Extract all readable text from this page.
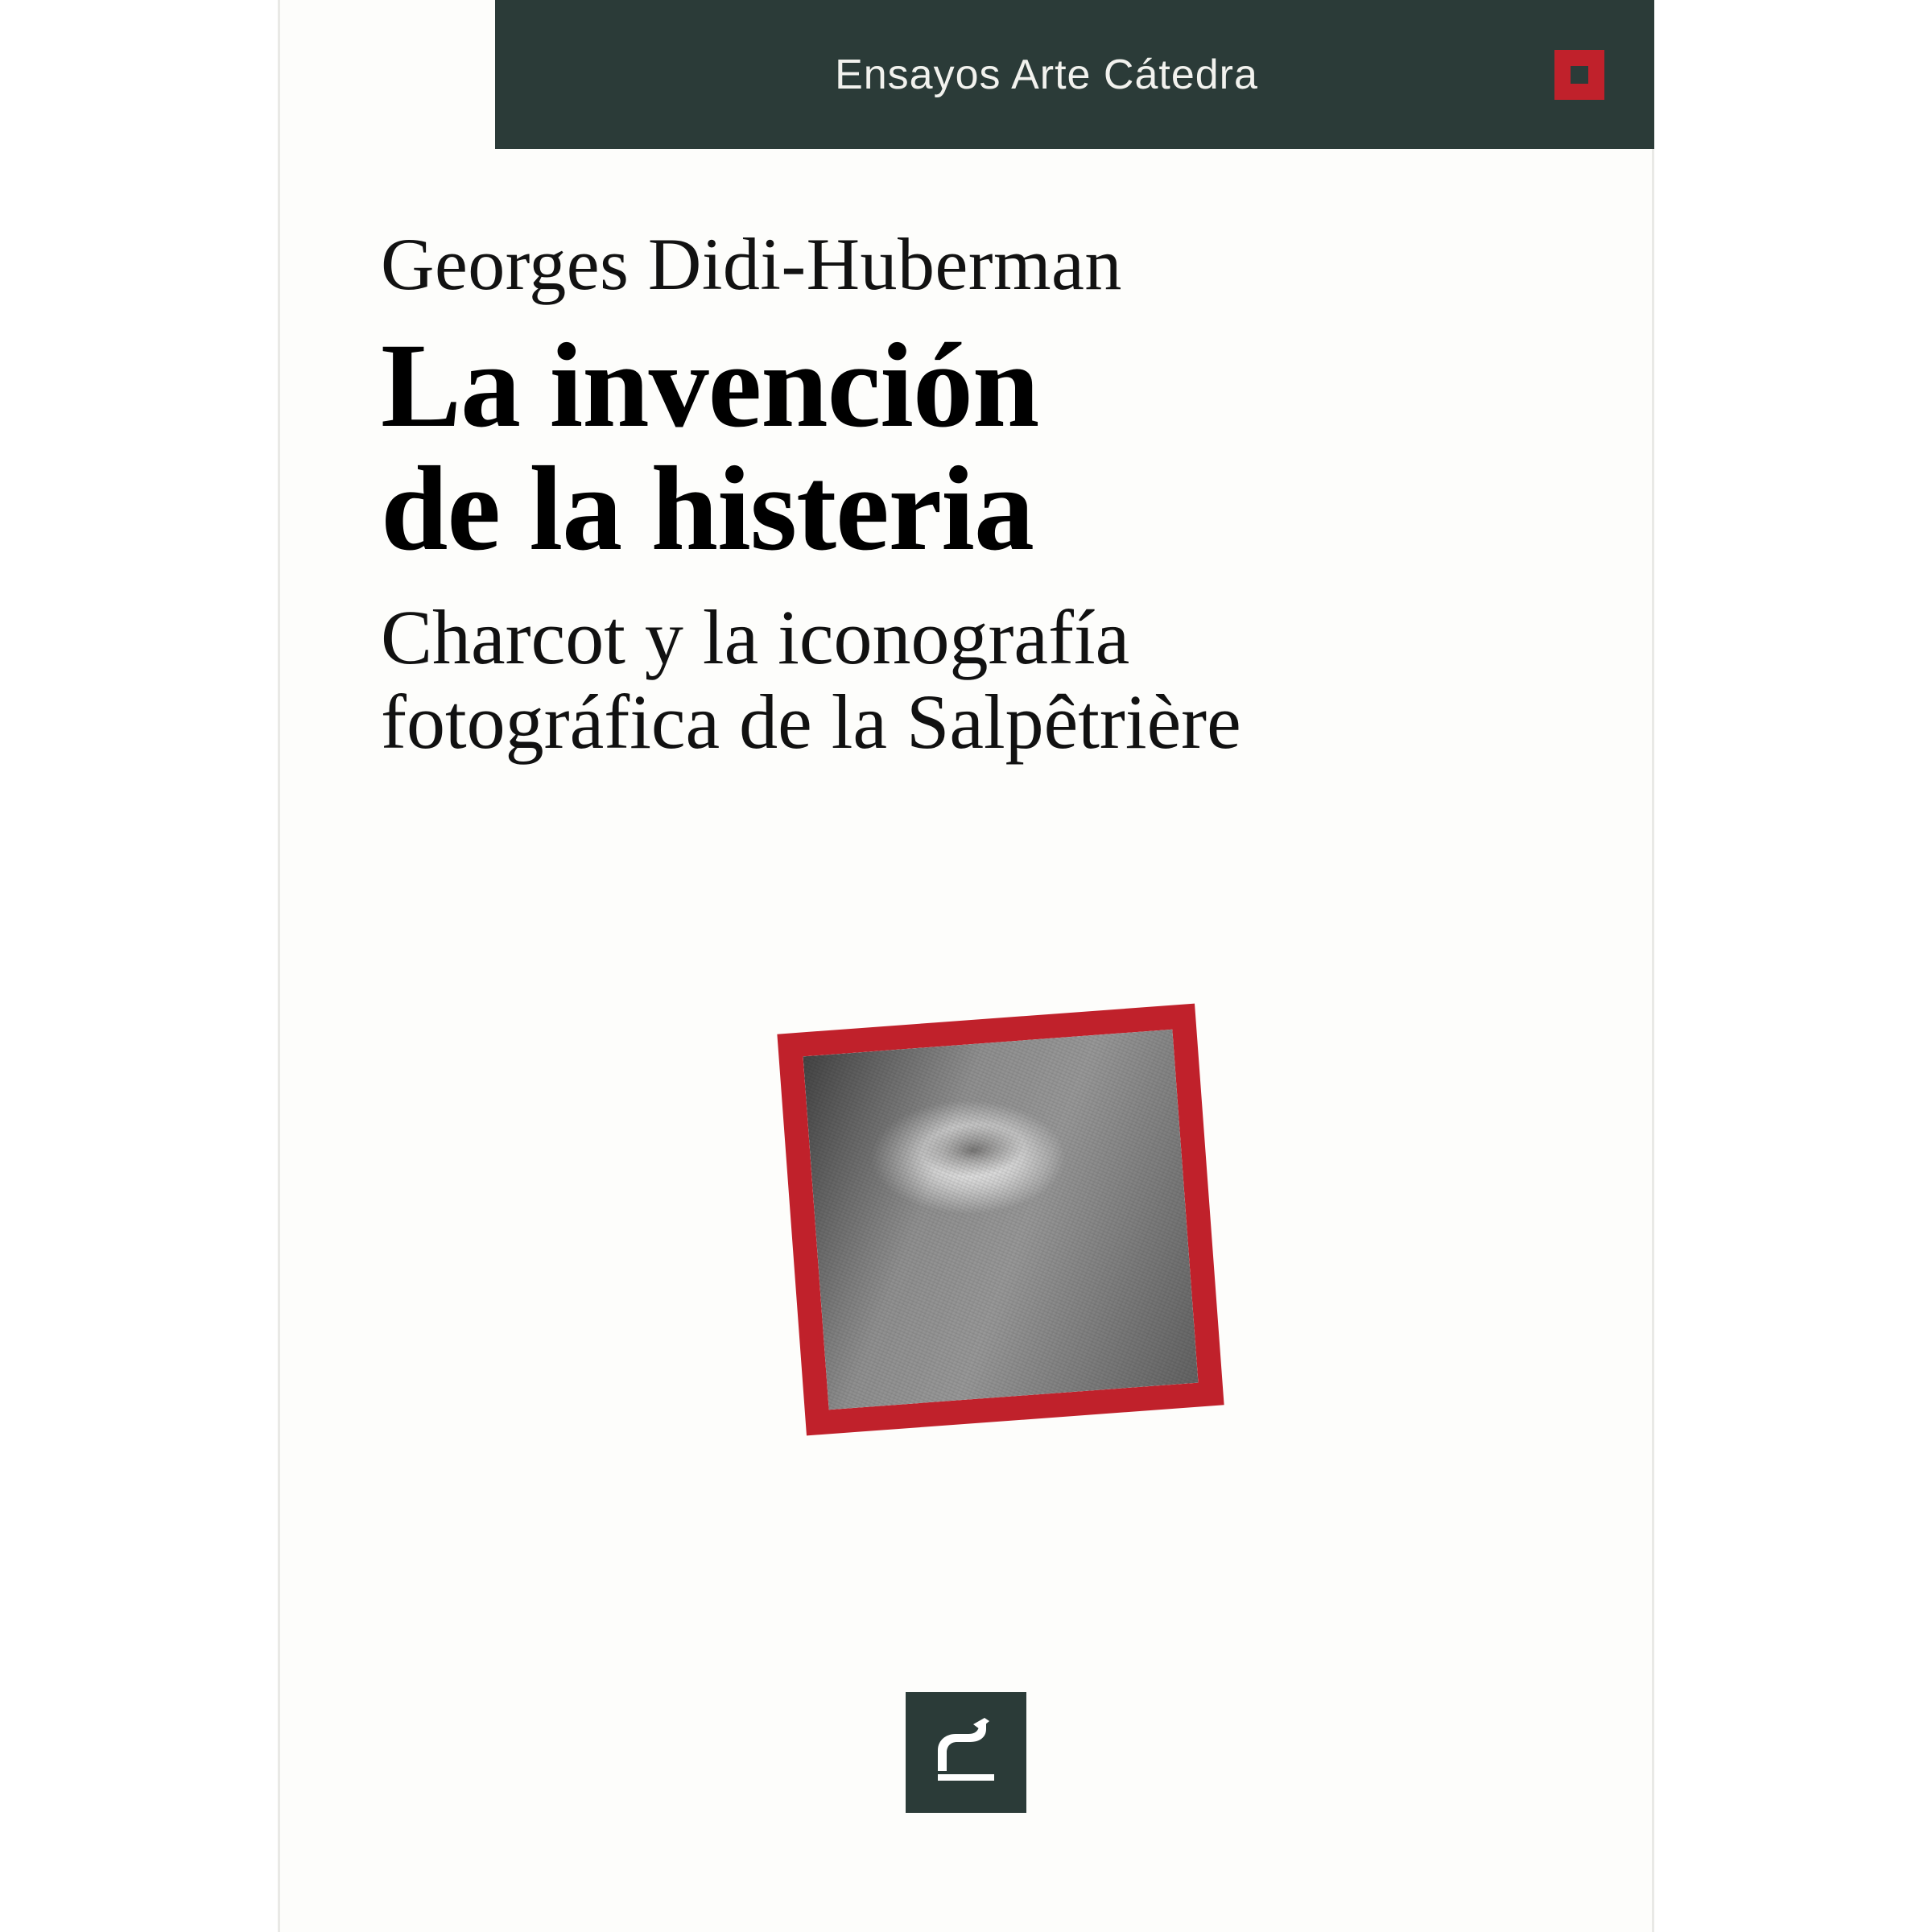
Ensayos Arte Cátedra

Georges Didi-Huberman

La invención
de la histeria

Charcot y la iconografía
fotográfica de la Salpêtrière
